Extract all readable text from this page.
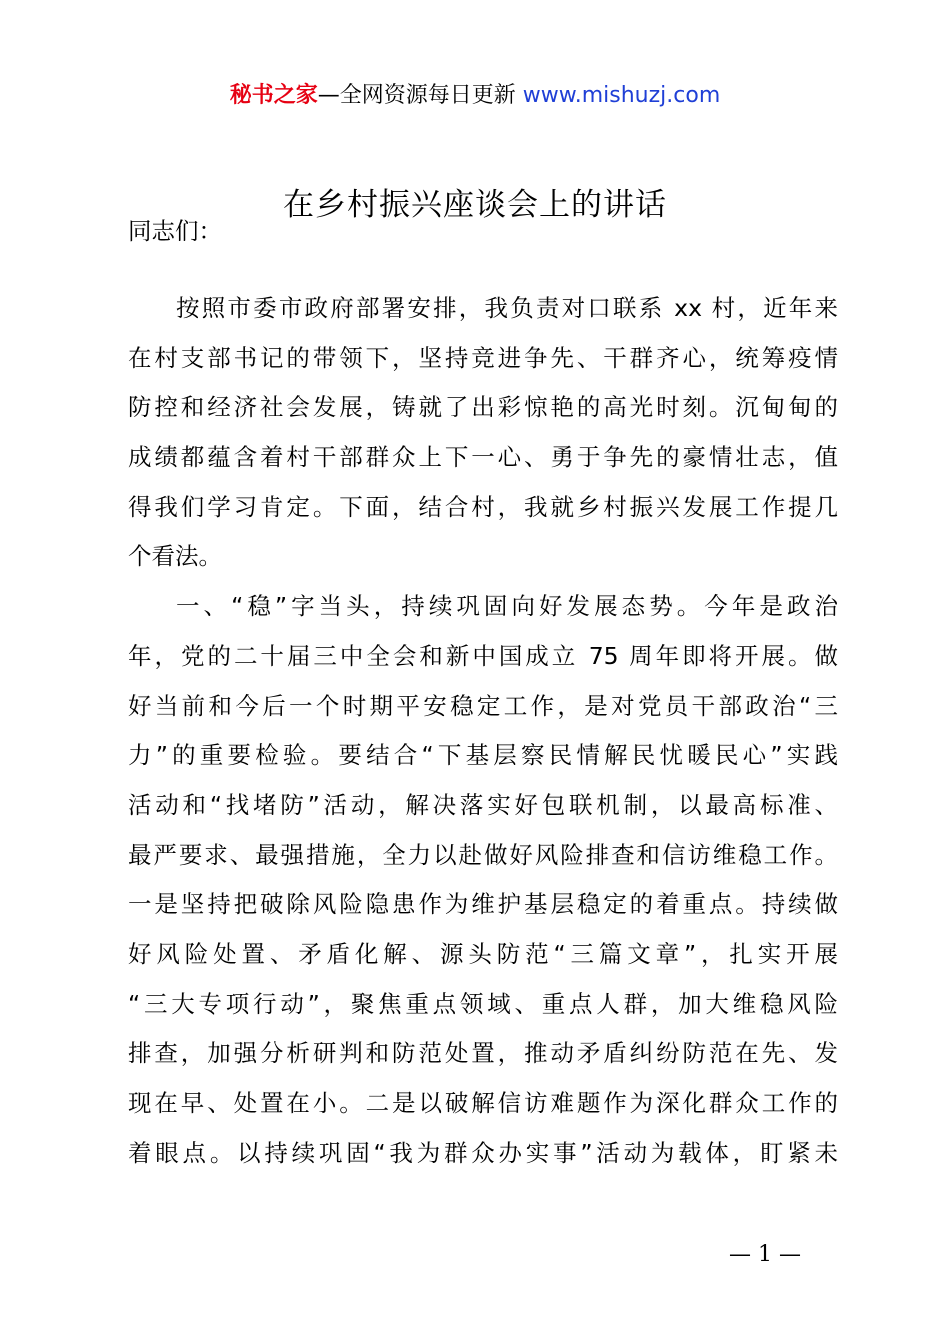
秘书之家—全网资源每日更新 www.mishuzj.com
在乡村振兴座谈会上的讲话
同志们：
按照市委市政府部署安排，我负责对口联系 xx 村，近年来
在村支部书记的带领下，坚持竞进争先、干群齐心，统筹疫情
防控和经济社会发展，铸就了出彩惊艳的高光时刻。沉甸甸的
成绩都蕴含着村干部群众上下一心、勇于争先的豪情壮志，值
得我们学习肯定。下面，结合村，我就乡村振兴发展工作提几
个看法。
一、“稳”字当头，持续巩固向好发展态势。今年是政治
年，党的二十届三中全会和新中国成立 75 周年即将开展。做
好当前和今后一个时期平安稳定工作，是对党员干部政治“三
力”的重要检验。要结合“下基层察民情解民忧暖民心”实践
活动和“找堵防”活动，解决落实好包联机制，以最高标准、
最严要求、最强措施，全力以赴做好风险排查和信访维稳工作。
一是坚持把破除风险隐患作为维护基层稳定的着重点。持续做
好风险处置、矛盾化解、源头防范“三篇文章”，扎实开展
“三大专项行动”，聚焦重点领域、重点人群，加大维稳风险
排查，加强分析研判和防范处置，推动矛盾纠纷防范在先、发
现在早、处置在小。二是以破解信访难题作为深化群众工作的
着眼点。以持续巩固“我为群众办实事”活动为载体，盯紧未
— 1 —
